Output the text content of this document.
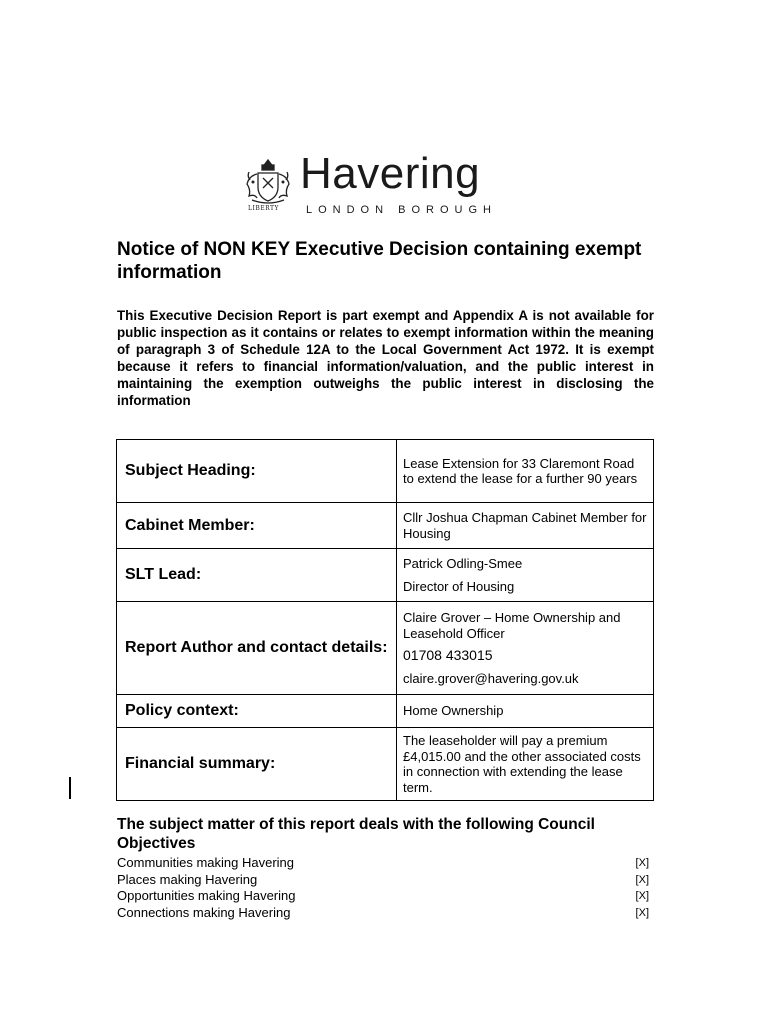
LIBERTY
Havering
LONDON BOROUGH
Notice of NON KEY Executive Decision containing exempt information
This Executive Decision Report is part exempt and Appendix A is not available for public inspection as it contains or relates to exempt information within the meaning of paragraph 3 of Schedule 12A to the Local Government Act 1972. It is exempt because it refers to financial information/valuation, and the public interest in maintaining the exemption outweighs the public interest in disclosing the information
Subject Heading:	Lease Extension for 33 Claremont Road to extend the lease for a further 90 years
Cabinet Member:	Cllr Joshua Chapman Cabinet Member for Housing
SLT Lead:	Patrick Odling-Smee

Director of Housing

Report Author and contact details:	Claire Grover – Home Ownership and Leasehold Officer

01708 433015

claire.grover@havering.gov.uk

Policy context:	Home Ownership
Financial summary:	The leaseholder will pay a premium £4,015.00 and the other associated costs in connection with extending the lease term.
The subject matter of this report deals with the following Council Objectives
Communities making Havering	[X]
Places making Havering	[X]
Opportunities making Havering	[X]
Connections making Havering	[X]
